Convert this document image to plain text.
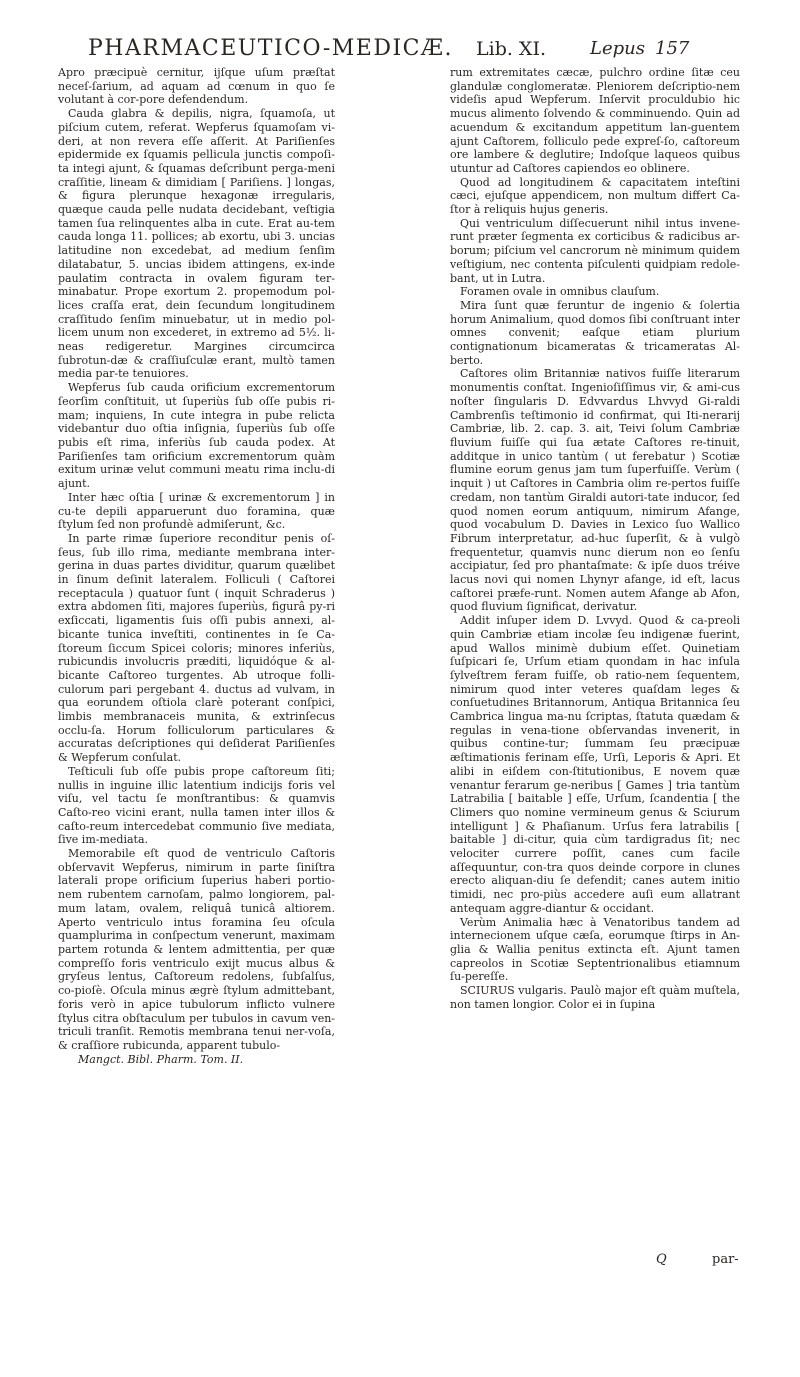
PHARMACEUTICO-MEDICÆ. Lib. XI. Lepus 157

Apro præcipuè cernitur, ijſque uſum præſtat neceſ-ſarium, ad aquam ad cœnum in quo ſe volutant à cor-pore defendendum.

Cauda glabra & depilis, nigra, ſquamoſa, ut piſcium cutem, referat. Wepferus ſquamoſam vi-deri, at non revera eſſe aſſerit. At Pariſienſes epidermide ex ſquamis pellicula junctis compoſi-ta integi ajunt, & ſquamas deſcribunt perga-meni craſſitie, lineam & dimidiam [ Pariſiens. ] longas, & figura plerunque hexagonæ irregularis, quæque cauda pelle nudata decidebant, veſtigia tamen ſua relinquentes alba in cute. Erat au-tem cauda longa 11. pollices; ab exortu, ubi 3. uncias latitudine non excedebat, ad medium ſenſim dilatabatur, 5. uncias ibidem attingens, ex-inde paulatim contracta in ovalem figuram ter-minabatur. Prope exortum 2. propemodum pol-lices craſſa erat, dein ſecundum longitudinem craſſitudo ſenſim minuebatur, ut in medio pol-licem unum non excederet, in extremo ad 5½. li-neas redigeretur. Margines circumcirca ſubrotun-dæ & craſſiuſculæ erant, multò tamen media par-te tenuiores.

Wepferus ſub cauda orificium excrementorum ſeorſim conſtituit, ut ſuperiùs ſub oſſe pubis ri-mam; inquiens, In cute integra in pube relicta videbantur duo oſtia inſignia, ſuperiùs ſub oſſe pubis eſt rima, inferiùs ſub cauda podex. At Pariſienſes tam orificium excrementorum quàm exitum urinæ velut communi meatu rima inclu-di ajunt.

Inter hæc oſtia [ urinæ & excrementorum ] in cu-te depili apparuerunt duo foramina, quæ ſtylum ſed non profundè admiſerunt, &c.

In parte rimæ ſuperiore reconditur penis oſ-ſeus, ſub illo rima, mediante membrana inter-gerina in duas partes dividitur, quarum quælibet in ſinum deſinit lateralem. Folliculi ( Caſtorei receptacula ) quatuor ſunt ( inquit Schraderus ) extra abdomen ſiti, majores ſuperiùs, figurâ py-ri exſiccati, ligamentis ſuis oſſi pubis annexi, al-bicante tunica inveſtiti, continentes in ſe Ca-ſtoreum ſiccum Spicei coloris; minores inferiùs, rubicundis involucris præditi, liquidóque & al-bicante Caſtoreo turgentes. Ab utroque folli-culorum pari pergebant 4. ductus ad vulvam, in qua eorundem oſtiola clarè poterant conſpici, limbis membranaceis munita, & extrinſecus occlu-ſa. Horum folliculorum particulares & accuratas deſcriptiones qui deſiderat Pariſienſes & Wepferum conſulat.

Teſticuli ſub oſſe pubis prope caſtoreum ſiti; nullis in inguine illic latentium indicijs foris vel viſu, vel tactu ſe monſtrantibus: & quamvis Caſto-reo vicini erant, nulla tamen inter illos & caſto-reum intercedebat communio ſive mediata, ſive im-mediata.

Memorabile eſt quod de ventriculo Caſtoris obſervavit Wepferus, nimirum in parte ſiniſtra laterali prope orificium ſuperius haberi portio-nem rubentem carnoſam, palmo longiorem, pal-mum latam, ovalem, reliquâ tunicâ altiorem. Aperto ventriculo intus foramina ſeu oſcula quamplurima in conſpectum venerunt, maximam partem rotunda & lentem admittentia, per quæ compreſſo foris ventriculo exijt mucus albus & gryſeus lentus, Caſtoreum redolens, ſubſalſus, co-pioſè. Oſcula minus ægrè ſtylum admittebant, foris verò in apice tubulorum inflicto vulnere ſtylus citra obſtaculum per tubulos in cavum ven-triculi tranſit. Remotis membrana tenui ner-voſa, & craſſiore rubicunda, apparent tubulo-

Mangct. Bibl. Pharm. Tom. II.

rum extremitates cæcæ, pulchro ordine ſitæ ceu glandulæ conglomeratæ. Pleniorem deſcriptio-nem videſis apud Wepferum. Inſervit proculdubio hic mucus alimento ſolvendo & comminuendo. Quin ad acuendum & excitandum appetitum lan-guentem ajunt Caſtorem, folliculo pede expreſ-ſo, caſtoreum ore lambere & deglutire; Indoſque laqueos quibus utuntur ad Caſtores capiendos eo oblinere.

Quod ad longitudinem & capacitatem inteſtini cæci, ejuſque appendicem, non multum differt Ca-ſtor à reliquis hujus generis.

Qui ventriculum diſſecuerunt nihil intus invene-runt præter ſegmenta ex corticibus & radicibus ar-borum; piſcium vel cancrorum nè minimum quidem veſtigium, nec contenta piſculenti quidpiam redole-bant, ut in Lutra.

Foramen ovale in omnibus clauſum.

Mira ſunt quæ feruntur de ingenio & ſolertia horum Animalium, quod domos ſibi conſtruant inter omnes convenit; eaſque etiam plurium contignationum bicameratas & tricameratas Al-berto.

Caſtores olim Britanniæ nativos fuiſſe literarum monumentis conſtat. Ingenioſiſſimus vir, & ami-cus noſter ſingularis D. Edvvardus Lhvvyd Gi-raldi Cambrenſis teſtimonio id confirmat, qui Iti-nerarij Cambriæ, lib. 2. cap. 3. ait, Teivi ſolum Cambriæ fluvium fuiſſe qui ſua ætate Caſtores re-tinuit, additque in unico tantùm ( ut ferebatur ) Scotiæ flumine eorum genus jam tum ſuperfuiſſe. Verùm ( inquit ) ut Caſtores in Cambria olim re-pertos fuiſſe credam, non tantùm Giraldi autori-tate inducor, ſed quod nomen eorum antiquum, nimirum Afange, quod vocabulum D. Davies in Lexico ſuo Wallico Fibrum interpretatur, ad-huc ſuperſit, & à vulgò frequentetur, quamvis nunc dierum non eo ſenſu accipiatur, ſed pro phantaſmate: & ipſe duos tréive lacus novi qui nomen Lhynyr afange, id eſt, lacus caſtorei præfe-runt. Nomen autem Afange ab Afon, quod fluvium ſignificat, derivatur.

Addit inſuper idem D. Lvvyd. Quod & ca-preoli quin Cambriæ etiam incolæ ſeu indigenæ fuerint, apud Wallos minimè dubium eſſet. Quinetiam ſuſpicari ſe, Urſum etiam quondam in hac inſula ſylveſtrem feram fuiſſe, ob ratio-nem ſequentem, nimirum quod inter veteres quaſdam leges & conſuetudines Britannorum, Antiqua Britannica ſeu Cambrica lingua ma-nu ſcriptas, ſtatuta quædam & regulas in vena-tione obſervandas invenerit, in quibus contine-tur; ſummam ſeu præcipuæ æſtimationis ferinam eſſe, Urſi, Leporis & Apri. Et alibi in eiſdem con-ſtitutionibus, E novem quæ venantur ferarum ge-neribus [ Games ] tria tantùm Latrabilia [ baitable ] eſſe, Urſum, ſcandentia [ the Climers quo nomine vermineum genus & Sciurum intelligunt ] & Phaſianum. Urſus fera latrabilis [ baitable ] di-citur, quia cùm tardigradus ſit; nec velociter currere poſſit, canes cum facile aſſequuntur, con-tra quos deinde corpore in clunes erecto aliquan-diu ſe defendit; canes autem initio timidi, nec pro-piùs accedere auſi eum allatrant antequam aggre-diantur & occidant.

Verùm Animalia hæc à Venatoribus tandem ad internecionem uſque cæſa, eorumque ſtirps in An-glia & Wallia penitus extincta eſt. Ajunt tamen capreolos in Scotiæ Septentrionalibus etiamnum ſu-pereſſe.

SCIURUS vulgaris. Paulò major eſt quàm muſtela, non tamen longior. Color ei in ſupina

Q	par-
